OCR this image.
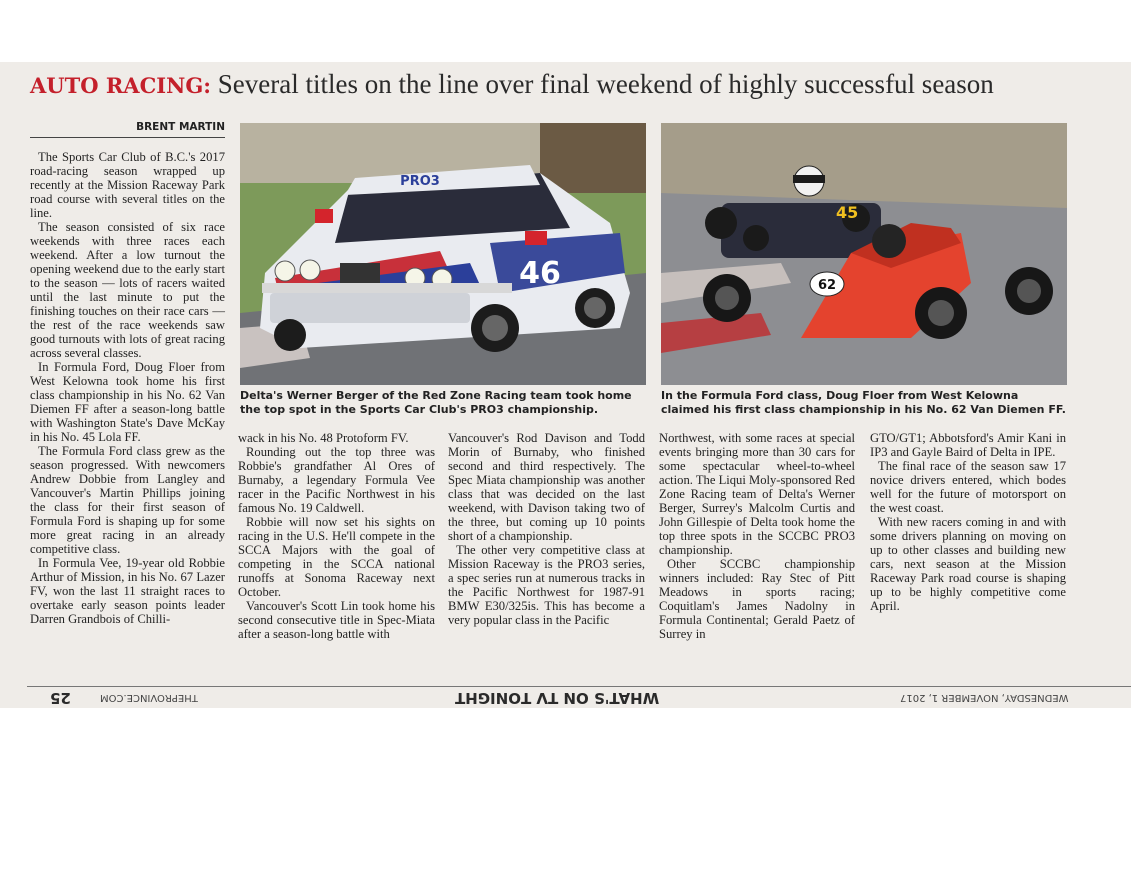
AUTO RACING: Several titles on the line over final weekend of highly successful season
BRENT MARTIN

The Sports Car Club of B.C.'s 2017 road-racing season wrapped up recently at the Mission Raceway Park road course with several titles on the line.

The season consisted of six race weekends with three races each weekend. After a low turnout the opening weekend due to the early start to the season — lots of racers waited until the last minute to put the finishing touches on their race cars — the rest of the race weekends saw good turnouts with lots of great racing across several classes.

In Formula Ford, Doug Floer from West Kelowna took home his first class championship in his No. 62 Van Diemen FF after a season-long battle with Washington State's Dave McKay in his No. 45 Lola FF.

The Formula Ford class grew as the season progressed. With newcomers Andrew Dobbie from Langley and Vancouver's Martin Phillips joining the class for their first season of Formula Ford is shaping up for some more great racing in an already competitive class.

In Formula Vee, 19-year old Robbie Arthur of Mission, in his No. 67 Lazer FV, won the last 11 straight races to overtake early season points leader Darren Grandbois of Chilli-

PRO3
46
Delta's Werner Berger of the Red Zone Racing team took home the top spot in the Sports Car Club's PRO3 championship.
45
62
In the Formula Ford class, Doug Floer from West Kelowna claimed his first class championship in his No. 62 Van Diemen FF.

wack in his No. 48 Protoform FV.

Rounding out the top three was Robbie's grandfather Al Ores of Burnaby, a legendary Formula Vee racer in the Pacific Northwest in his famous No. 19 Caldwell.

Robbie will now set his sights on racing in the U.S. He'll compete in the SCCA Majors with the goal of competing in the SCCA national runoffs at Sonoma Raceway next October.

Vancouver's Scott Lin took home his second consecutive title in Spec-Miata after a season-long battle with

Vancouver's Rod Davison and Todd Morin of Burnaby, who finished second and third respectively. The Spec Miata championship was another class that was decided on the last weekend, with Davison taking two of the three, but coming up 10 points short of a championship.

The other very competitive class at Mission Raceway is the PRO3 series, a spec series run at numerous tracks in the Pacific Northwest for 1987-91 BMW E30/325is. This has become a very popular class in the Pacific

Northwest, with some races at special events bringing more than 30 cars for some spectacular wheel-to-wheel action. The Liqui Moly-sponsored Red Zone Racing team of Delta's Werner Berger, Surrey's Malcolm Curtis and John Gillespie of Delta took home the top three spots in the SCCBC PRO3 championship.

Other SCCBC championship winners included: Ray Stec of Pitt Meadows in sports racing; Coquitlam's James Nadolny in Formula Continental; Gerald Paetz of Surrey in

GTO/GT1; Abbotsford's Amir Kani in IP3 and Gayle Baird of Delta in IPE.

The final race of the season saw 17 novice drivers entered, which bodes well for the future of motorsport on the west coast.

With new racers coming in and with some drivers planning on moving on up to other classes and building new cars, next season at the Mission Raceway Park road course is shaping up to be highly competitive come April.

25	THEPROVINCE.COM	WHAT'S ON TV TONIGHT	WEDNESDAY, NOVEMBER 1, 2017
